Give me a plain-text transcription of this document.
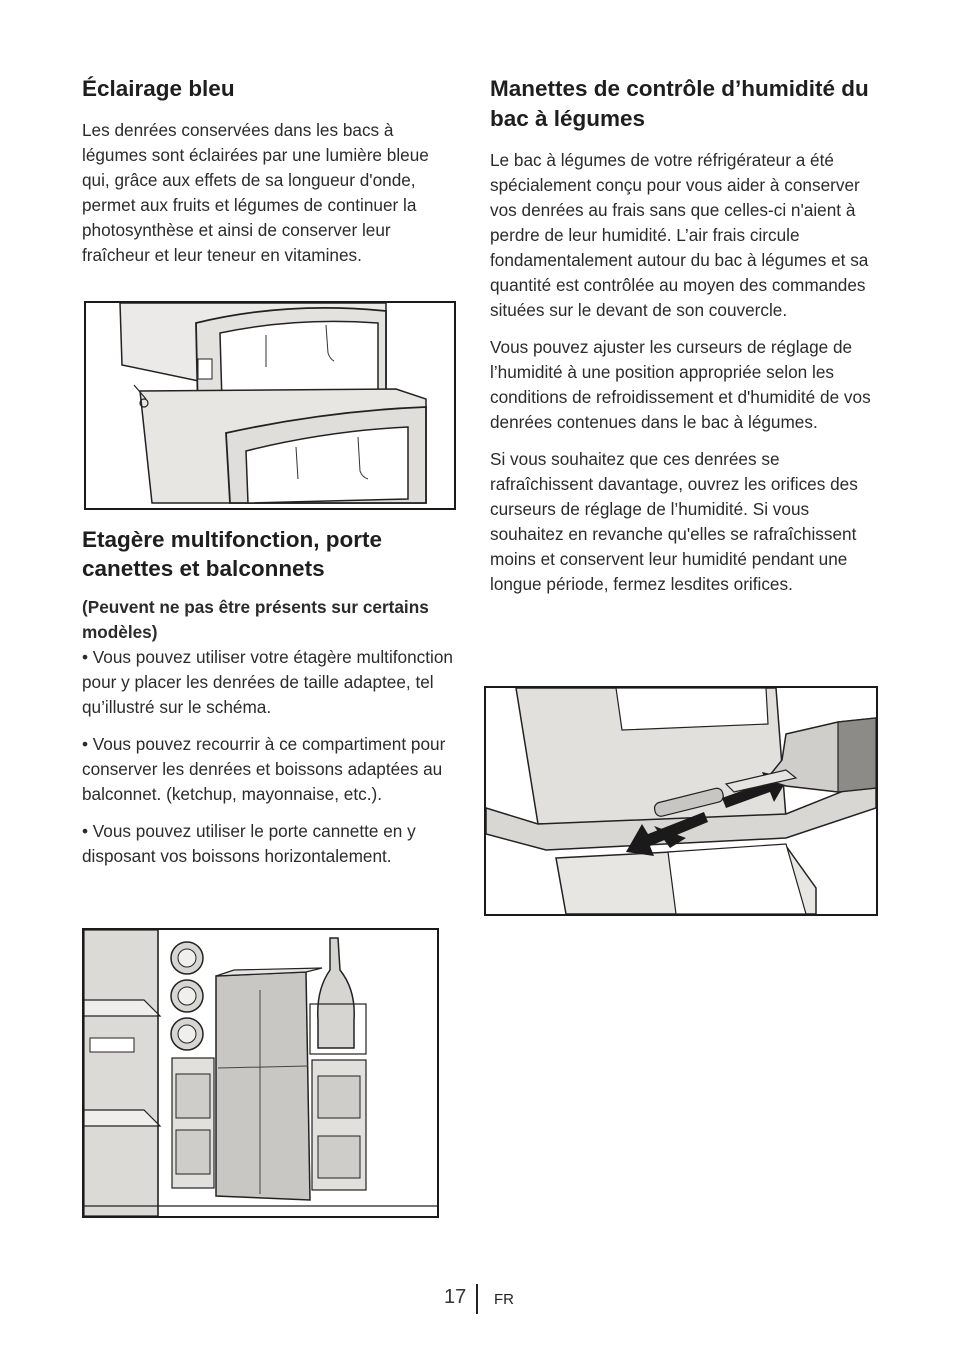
Éclairage bleu

Les denrées conservées dans les bacs à légumes sont éclairées par une lumière bleue qui, grâce aux effets de sa longueur d'onde, permet aux fruits et légumes de continuer la photosynthèse et ainsi de conserver leur fraîcheur et leur teneur en vitamines.

Etagère multifonction, porte canettes et balconnets

(Peuvent ne pas être présents sur certains modèles)

• Vous pouvez utiliser votre étagère multifonction pour y placer les denrées de taille adaptee, tel qu’illustré sur le schéma.

• Vous pouvez recourrir à ce compartiment pour conserver les denrées et boissons adaptées au balconnet. (ketchup, mayonnaise, etc.).

• Vous pouvez utiliser le porte cannette en y disposant vos boissons horizontalement.

Manettes de contrôle d’humidité du bac à légumes

Le bac à légumes de votre réfrigérateur a été spécialement conçu pour vous aider à conserver vos denrées au frais sans que celles-ci n'aient à perdre de leur humidité. L’air frais circule fondamentalement autour du bac à légumes et sa quantité est contrôlée au moyen des commandes situées sur le devant de son couvercle.

Vous pouvez ajuster les curseurs de réglage de l’humidité à une position appropriée selon les conditions de refroidissement et d'humidité de vos denrées contenues dans le bac à légumes.

Si vous souhaitez que ces denrées se rafraîchissent davantage, ouvrez les orifices des curseurs de réglage de l’humidité. Si vous souhaitez en revanche qu'elles se rafraîchissent moins et conservent leur humidité pendant une longue période, fermez lesdites orifices.

17 FR
